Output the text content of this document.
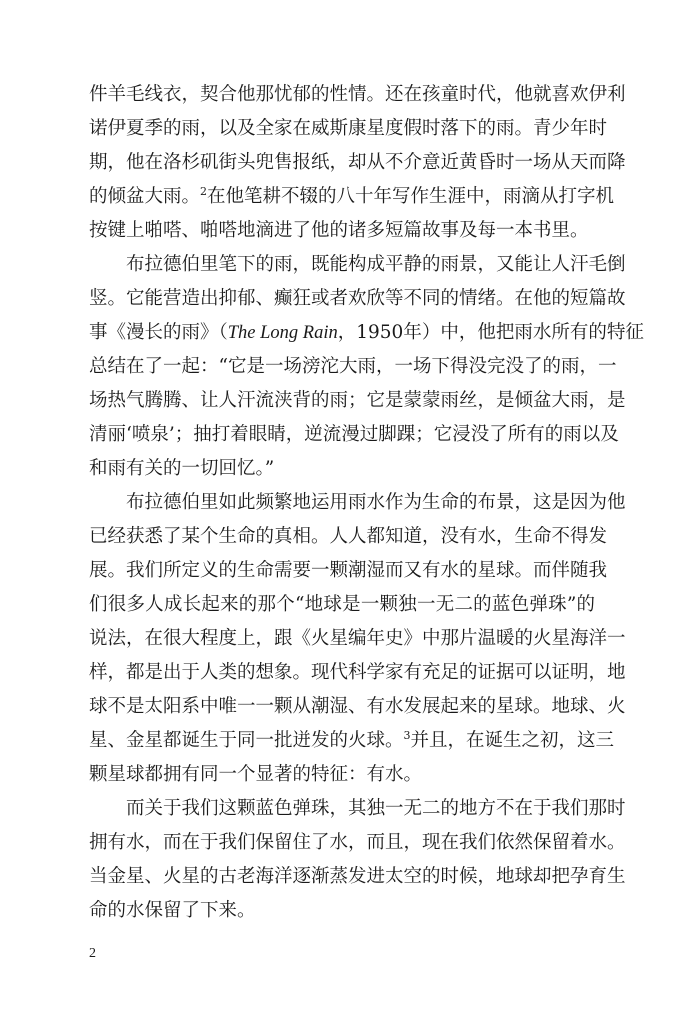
件羊毛线衣，契合他那忧郁的性情。还在孩童时代，他就喜欢伊利
诺伊夏季的雨，以及全家在威斯康星度假时落下的雨。青少年时
期，他在洛杉矶街头兜售报纸，却从不介意近黄昏时一场从天而降
的倾盆大雨。$^2$在他笔耕不辍的八十年写作生涯中，雨滴从打字机
按键上啪嗒、啪嗒地滴进了他的诸多短篇故事及每一本书里。
布拉德伯里笔下的雨，既能构成平静的雨景，又能让人汗毛倒
竖。它能营造出抑郁、癫狂或者欢欣等不同的情绪。在他的短篇故
事《漫长的雨》（The Long Rain，1950年）中，他把雨水所有的特征
总结在了一起：“它是一场滂沱大雨，一场下得没完没了的雨，一
场热气腾腾、让人汗流浃背的雨；它是蒙蒙雨丝，是倾盆大雨，是
清丽‘喷泉’；抽打着眼睛，逆流漫过脚踝；它浸没了所有的雨以及
和雨有关的一切回忆。”
布拉德伯里如此频繁地运用雨水作为生命的布景，这是因为他
已经获悉了某个生命的真相。人人都知道，没有水，生命不得发
展。我们所定义的生命需要一颗潮湿而又有水的星球。而伴随我
们很多人成长起来的那个“地球是一颗独一无二的蓝色弹珠”的
说法，在很大程度上，跟《火星编年史》中那片温暖的火星海洋一
样，都是出于人类的想象。现代科学家有充足的证据可以证明，地
球不是太阳系中唯一一颗从潮湿、有水发展起来的星球。地球、火
星、金星都诞生于同一批迸发的火球。$^3$并且，在诞生之初，这三
颗星球都拥有同一个显著的特征：有水。
而关于我们这颗蓝色弹珠，其独一无二的地方不在于我们那时
拥有水，而在于我们保留住了水，而且，现在我们依然保留着水。
当金星、火星的古老海洋逐渐蒸发进太空的时候，地球却把孕育生
命的水保留了下来。
2
